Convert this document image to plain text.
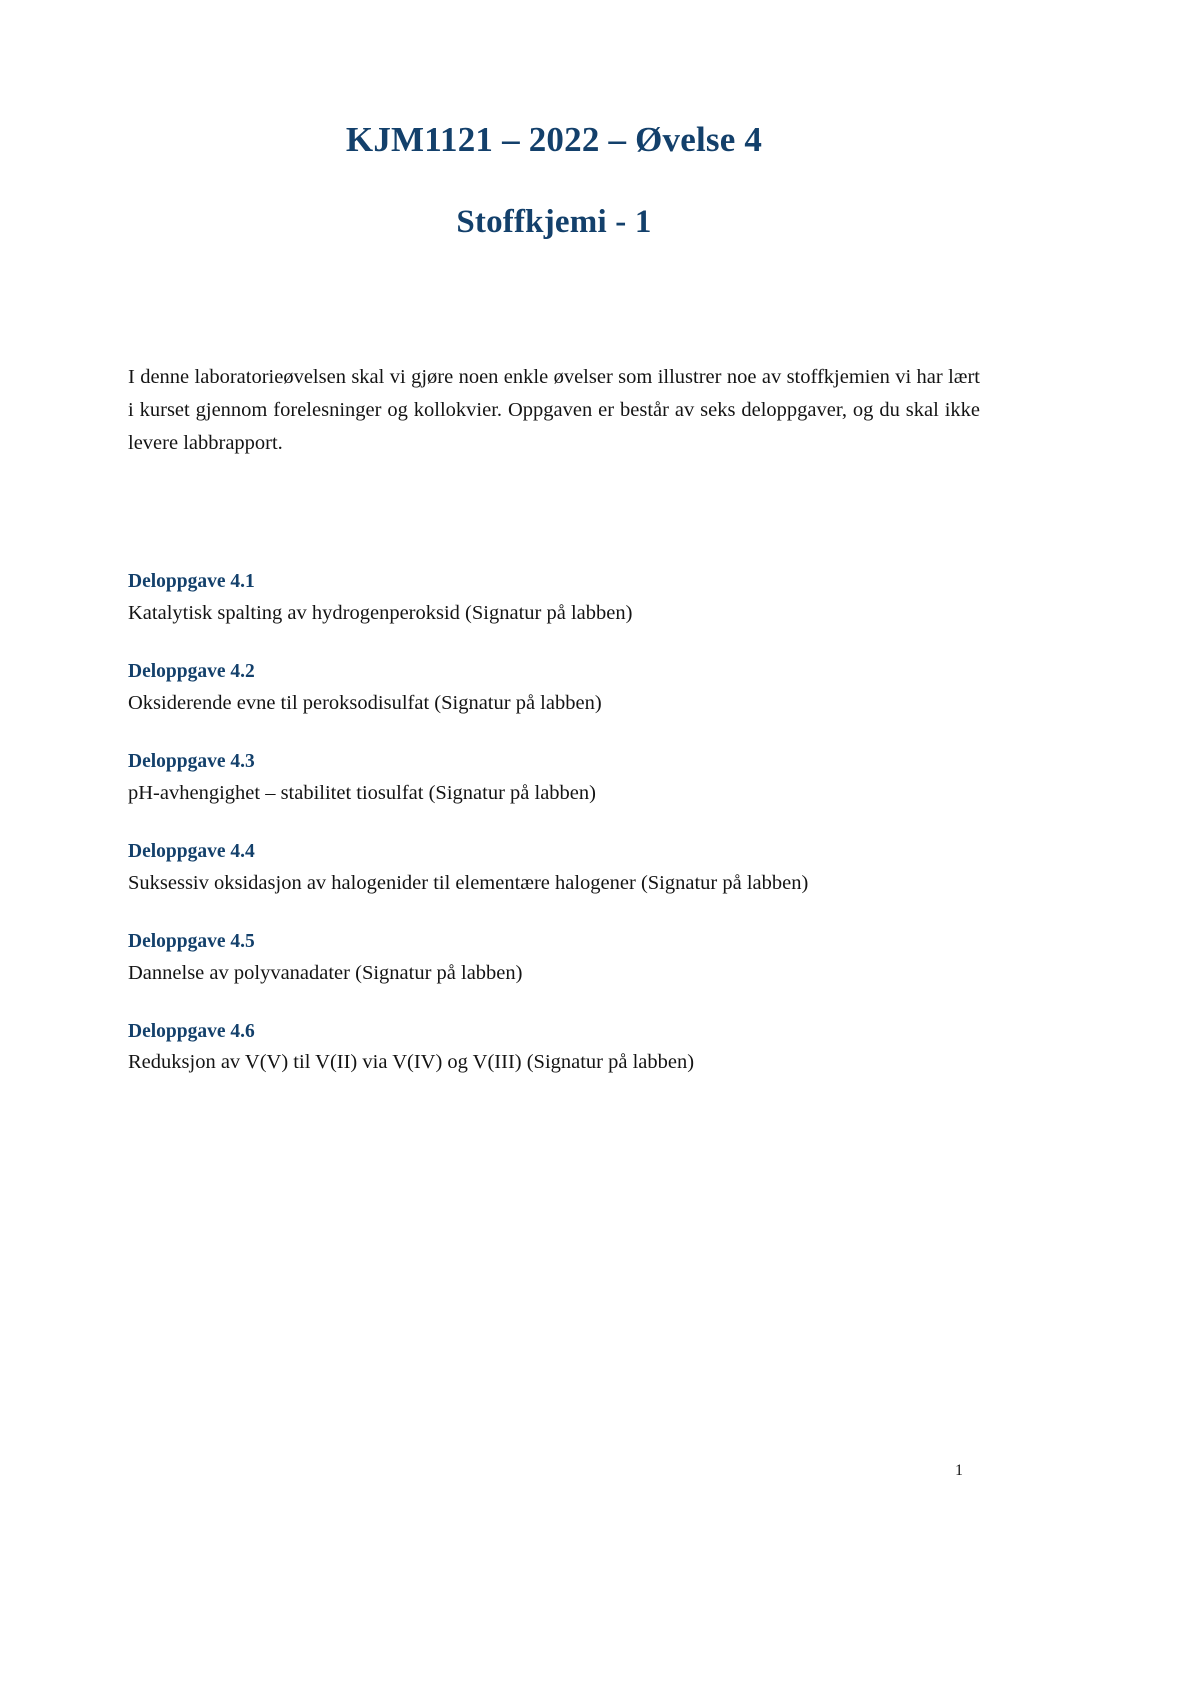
KJM1121 – 2022 – Øvelse 4
Stoffkjemi - 1

I denne laboratorieøvelsen skal vi gjøre noen enkle øvelser som illustrer noe av stoffkjemien vi har lært i kurset gjennom forelesninger og kollokvier. Oppgaven er består av seks deloppgaver, og du skal ikke levere labbrapport.

Deloppgave 4.1

Katalytisk spalting av hydrogenperoksid (Signatur på labben)

Deloppgave 4.2

Oksiderende evne til peroksodisulfat (Signatur på labben)

Deloppgave 4.3

pH-avhengighet – stabilitet tiosulfat (Signatur på labben)

Deloppgave 4.4

Suksessiv oksidasjon av halogenider til elementære halogener (Signatur på labben)

Deloppgave 4.5

Dannelse av polyvanadater (Signatur på labben)

Deloppgave 4.6

Reduksjon av V(V) til V(II) via V(IV) og V(III) (Signatur på labben)

1
